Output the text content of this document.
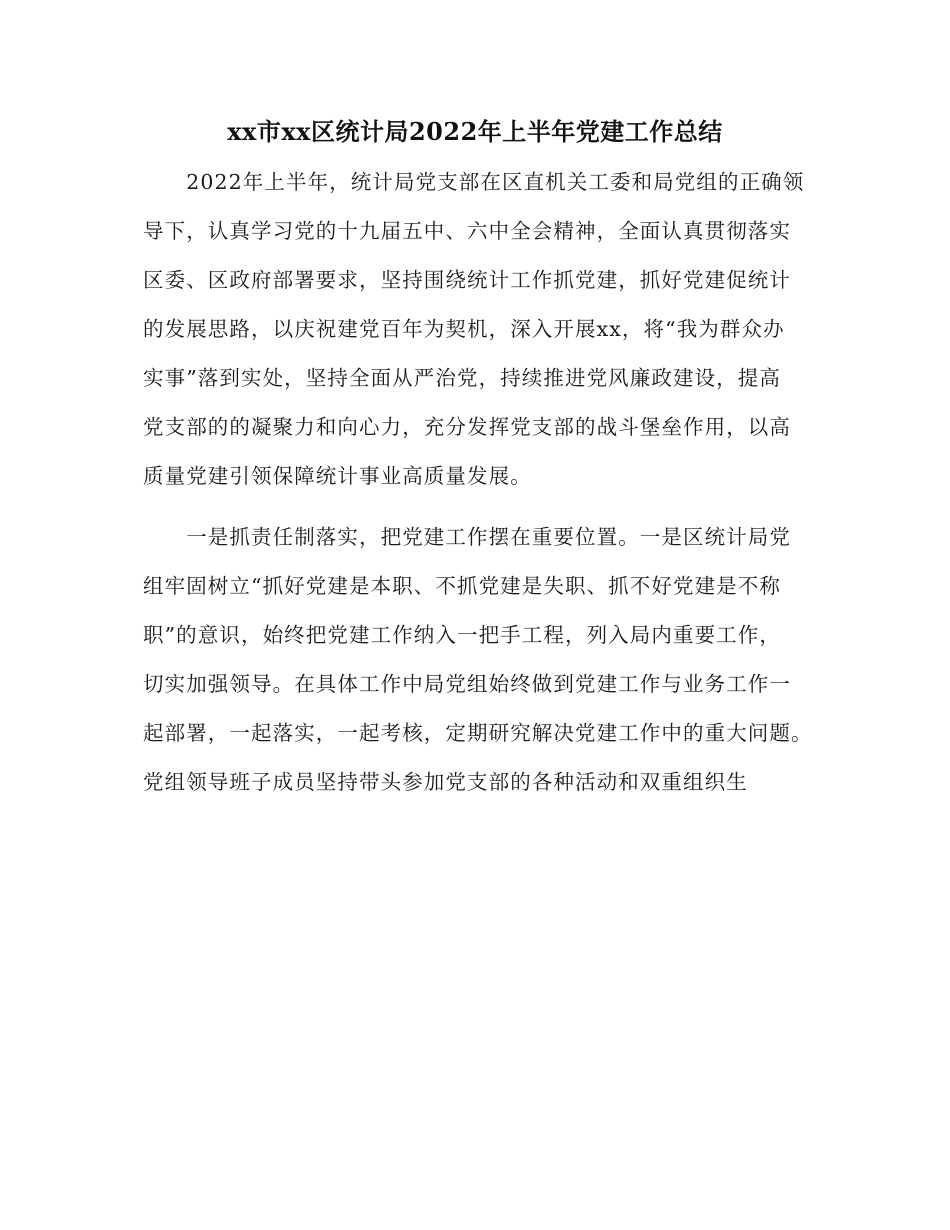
xx市xx区统计局2022年上半年党建工作总结
　　2022年上半年，统计局党支部在区直机关工委和局党组的正确领
导下，认真学习党的十九届五中、六中全会精神，全面认真贯彻落实
区委、区政府部署要求，坚持围绕统计工作抓党建，抓好党建促统计
的发展思路，以庆祝建党百年为契机，深入开展xx，将“我为群众办
实事”落到实处，坚持全面从严治党，持续推进党风廉政建设，提高
党支部的的凝聚力和向心力，充分发挥党支部的战斗堡垒作用，以高
质量党建引领保障统计事业高质量发展。
　　一是抓责任制落实，把党建工作摆在重要位置。一是区统计局党
组牢固树立“抓好党建是本职、不抓党建是失职、抓不好党建是不称
职”的意识，始终把党建工作纳入一把手工程，列入局内重要工作，
切实加强领导。在具体工作中局党组始终做到党建工作与业务工作一
起部署，一起落实，一起考核，定期研究解决党建工作中的重大问题。
党组领导班子成员坚持带头参加党支部的各种活动和双重组织生
